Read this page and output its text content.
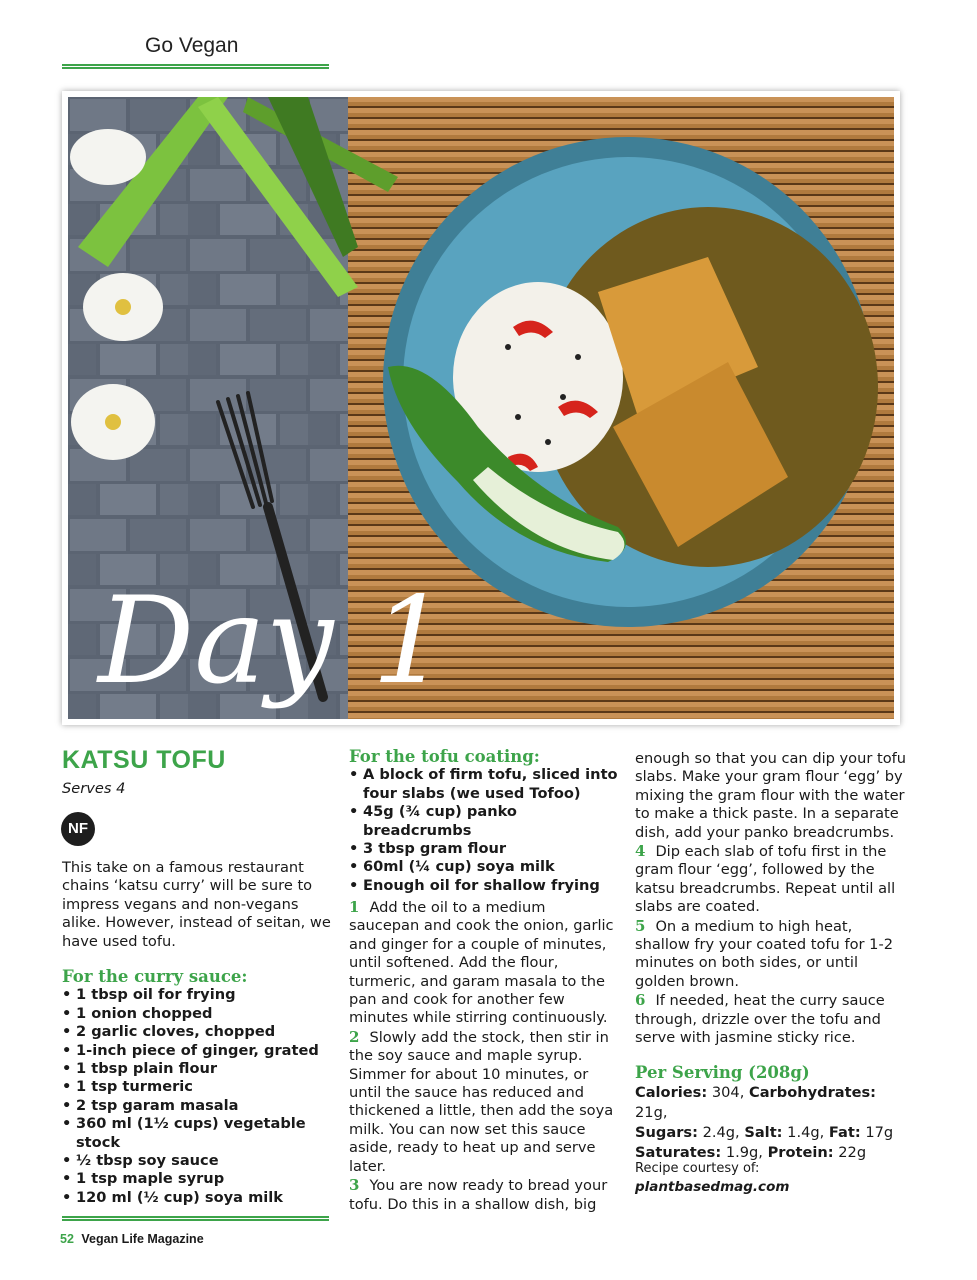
Go Vegan
Day 1
KATSU TOFU
Serves 4
NF

This take on a famous restaurant chains ‘katsu curry’ will be sure to impress vegans and non-vegans alike. However, instead of seitan, we have used tofu.

For the curry sauce:

• 1 tbsp oil for frying
• 1 onion chopped
• 2 garlic cloves, chopped
• 1-inch piece of ginger, grated
• 1 tbsp plain flour
• 1 tsp turmeric
• 2 tsp garam masala
• 360 ml (1½ cups) vegetable stock
• ½ tbsp soy sauce
• 1 tsp maple syrup
• 120 ml (½ cup) soya milk

For the tofu coating:

• A block of firm tofu, sliced into four slabs (we used Tofoo)
• 45g (¾ cup) panko breadcrumbs
• 3 tbsp gram flour
• 60ml (¼ cup) soya milk
• Enough oil for shallow frying

1 Add the oil to a medium saucepan and cook the onion, garlic and ginger for a couple of minutes, until softened. Add the flour, turmeric, and garam masala to the pan and cook for another few minutes while stirring continuously.

2 Slowly add the stock, then stir in the soy sauce and maple syrup. Simmer for about 10 minutes, or until the sauce has reduced and thickened a little, then add the soya milk. You can now set this sauce aside, ready to heat up and serve later.

3 You are now ready to bread your tofu. Do this in a shallow dish, big

enough so that you can dip your tofu slabs. Make your gram flour ‘egg’ by mixing the gram flour with the water to make a thick paste. In a separate dish, add your panko breadcrumbs.

4 Dip each slab of tofu first in the gram flour ‘egg’, followed by the katsu breadcrumbs. Repeat until all slabs are coated.

5 On a medium to high heat, shallow fry your coated tofu for 1-2 minutes on both sides, or until golden brown.

6 If needed, heat the curry sauce through, drizzle over the tofu and serve with jasmine sticky rice.

Per Serving (208g)

Calories: 304, Carbohydrates: 21g,
Sugars: 2.4g, Salt: 1.4g, Fat: 17g
Saturates: 1.9g, Protein: 22g

Recipe courtesy of:

plantbasedmag.com

52 Vegan Life Magazine
